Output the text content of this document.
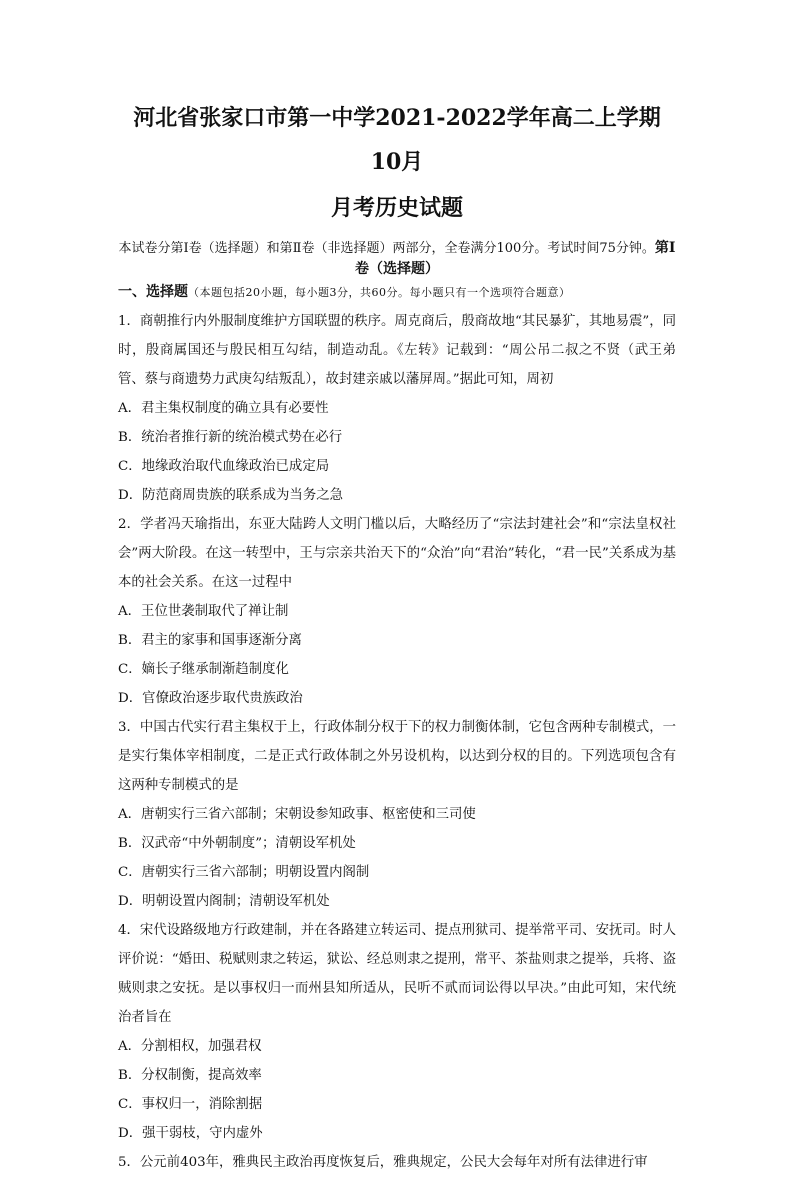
河北省张家口市第一中学2021-2022学年高二上学期10月
月考历史试题
本试卷分第Ⅰ卷（选择题）和第Ⅱ卷（非选择题）两部分，全卷满分100分。考试时间75分钟。第Ⅰ卷（选择题）
一、选择题（本题包括20小题，每小题3分，共60分。每小题只有一个选项符合题意）
1．商朝推行内外服制度维护方国联盟的秩序。周克商后，殷商故地“其民暴犷，其地易震”，同时，殷商属国还与殷民相互勾结，制造动乱。《左转》记载到：“周公吊二叔之不贤（武王弟管、蔡与商遗势力武庚勾结叛乱），故封建亲戚以藩屏周。”据此可知，周初
A．君主集权制度的确立具有必要性
B．统治者推行新的统治模式势在必行
C．地缘政治取代血缘政治已成定局
D．防范商周贵族的联系成为当务之急
2．学者冯天瑜指出，东亚大陆跨人文明门槛以后，大略经历了“宗法封建社会”和“宗法皇权社会”两大阶段。在这一转型中，王与宗亲共治天下的“众治”向“君治”转化，“君一民”关系成为基本的社会关系。在这一过程中
A．王位世袭制取代了禅让制
B．君主的家事和国事逐渐分离
C．嫡长子继承制渐趋制度化
D．官僚政治逐步取代贵族政治
3．中国古代实行君主集权于上，行政体制分权于下的权力制衡体制，它包含两种专制模式，一是实行集体宰相制度，二是正式行政体制之外另设机构，以达到分权的目的。下列选项包含有这两种专制模式的是
A．唐朝实行三省六部制；宋朝设参知政事、枢密使和三司使
B．汉武帝“中外朝制度”；清朝设军机处
C．唐朝实行三省六部制；明朝设置内阁制
D．明朝设置内阁制；清朝设军机处
4．宋代设路级地方行政建制，并在各路建立转运司、提点刑狱司、提举常平司、安抚司。时人评价说：“婚田、税赋则隶之转运，狱讼、经总则隶之提刑，常平、茶盐则隶之提举，兵将、盗贼则隶之安抚。是以事权归一而州县知所适从，民听不贰而词讼得以早决。”由此可知，宋代统治者旨在
A．分割相权，加强君权
B．分权制衡，提高效率
C．事权归一，消除割据
D．强干弱枝，守内虚外
5．公元前403年，雅典民主政治再度恢复后，雅典规定，公民大会每年对所有法律进行审
